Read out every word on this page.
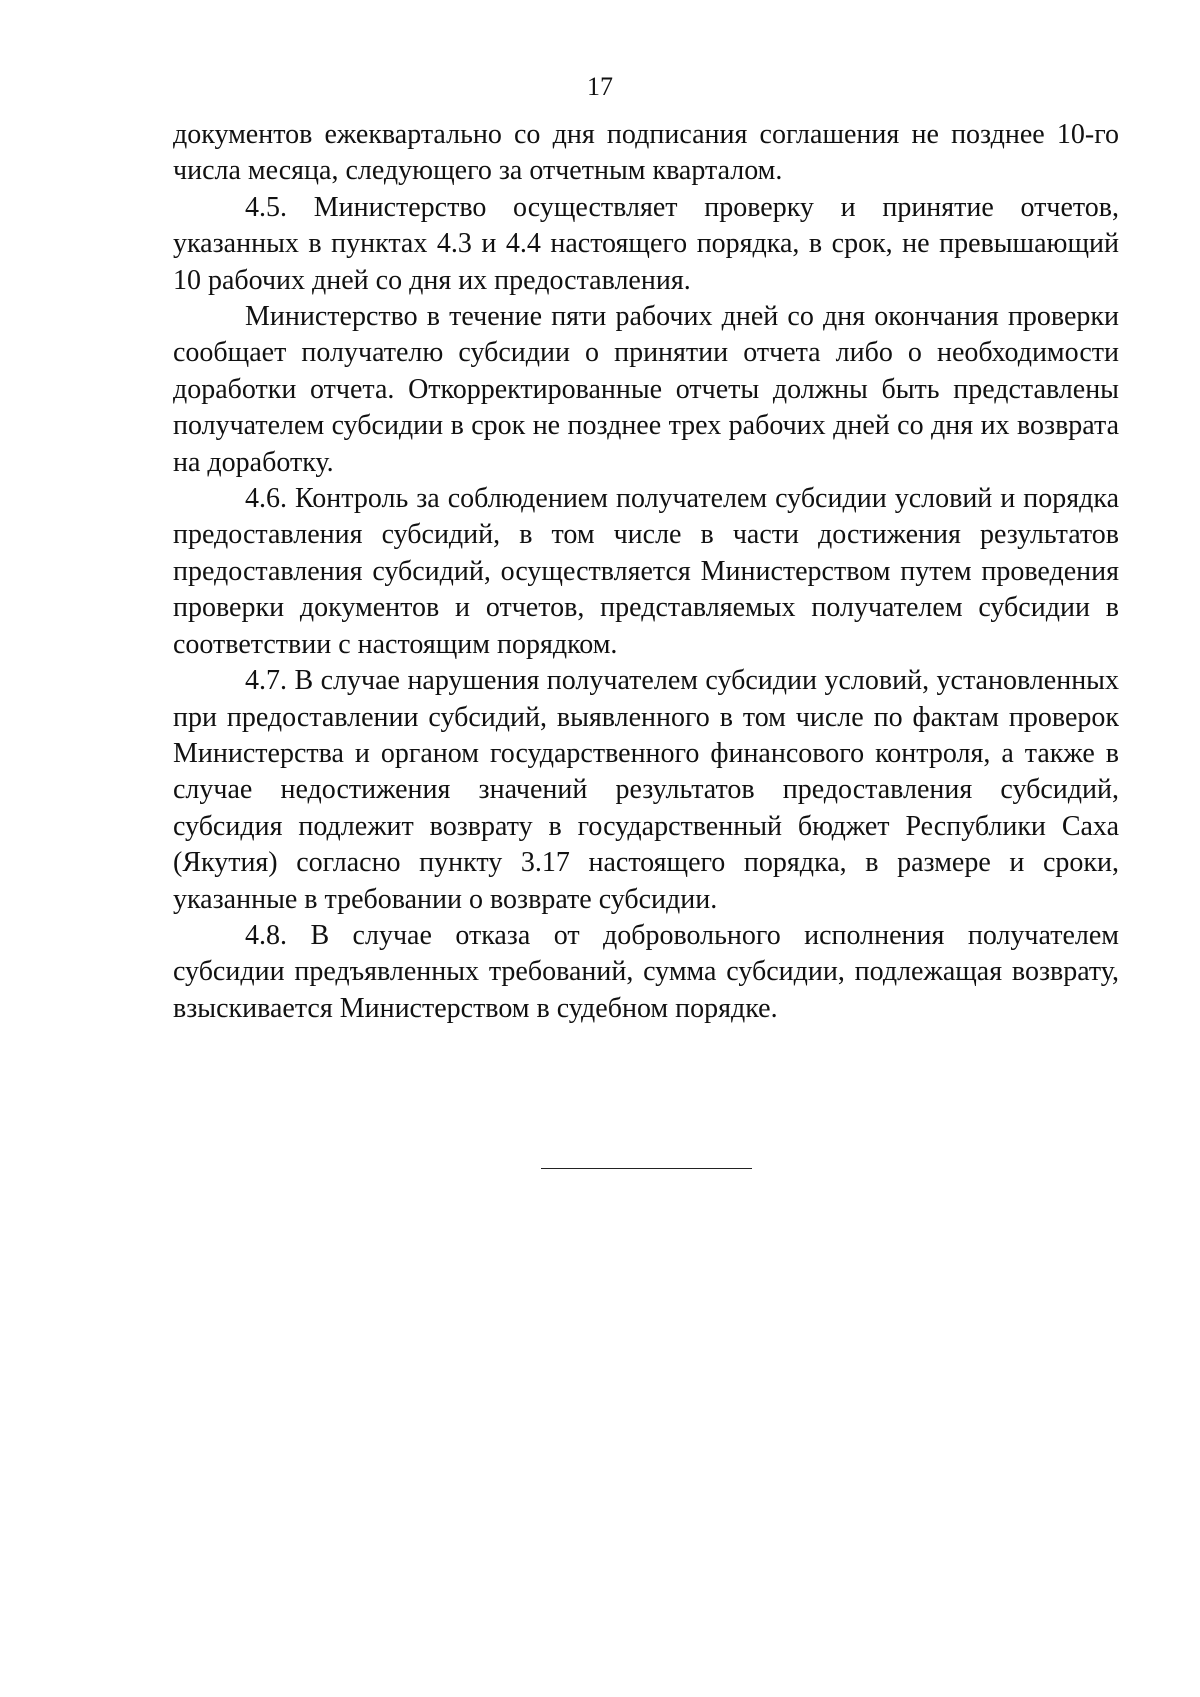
17

документов ежеквартально со дня подписания соглашения не позднее 10-го числа месяца, следующего за отчетным кварталом.

4.5. Министерство осуществляет проверку и принятие отчетов, указанных в пунктах 4.3 и 4.4 настоящего порядка, в срок, не превышающий 10 рабочих дней со дня их предоставления.

Министерство в течение пяти рабочих дней со дня окончания проверки сообщает получателю субсидии о принятии отчета либо о необходимости доработки отчета. Откорректированные отчеты должны быть представлены получателем субсидии в срок не позднее трех рабочих дней со дня их возврата на доработку.

4.6. Контроль за соблюдением получателем субсидии условий и порядка предоставления субсидий, в том числе в части достижения результатов предоставления субсидий, осуществляется Министерством путем проведения проверки документов и отчетов, представляемых получателем субсидии в соответствии с настоящим порядком.

4.7. В случае нарушения получателем субсидии условий, установленных при предоставлении субсидий, выявленного в том числе по фактам проверок Министерства и органом государственного финансового контроля, а также в случае недостижения значений результатов предоставления субсидий, субсидия подлежит возврату в государственный бюджет Республики Саха (Якутия) согласно пункту 3.17 настоящего порядка, в размере и сроки, указанные в требовании о возврате субсидии.

4.8. В случае отказа от добровольного исполнения получателем субсидии предъявленных требований, сумма субсидии, подлежащая возврату, взыскивается Министерством в судебном порядке.
